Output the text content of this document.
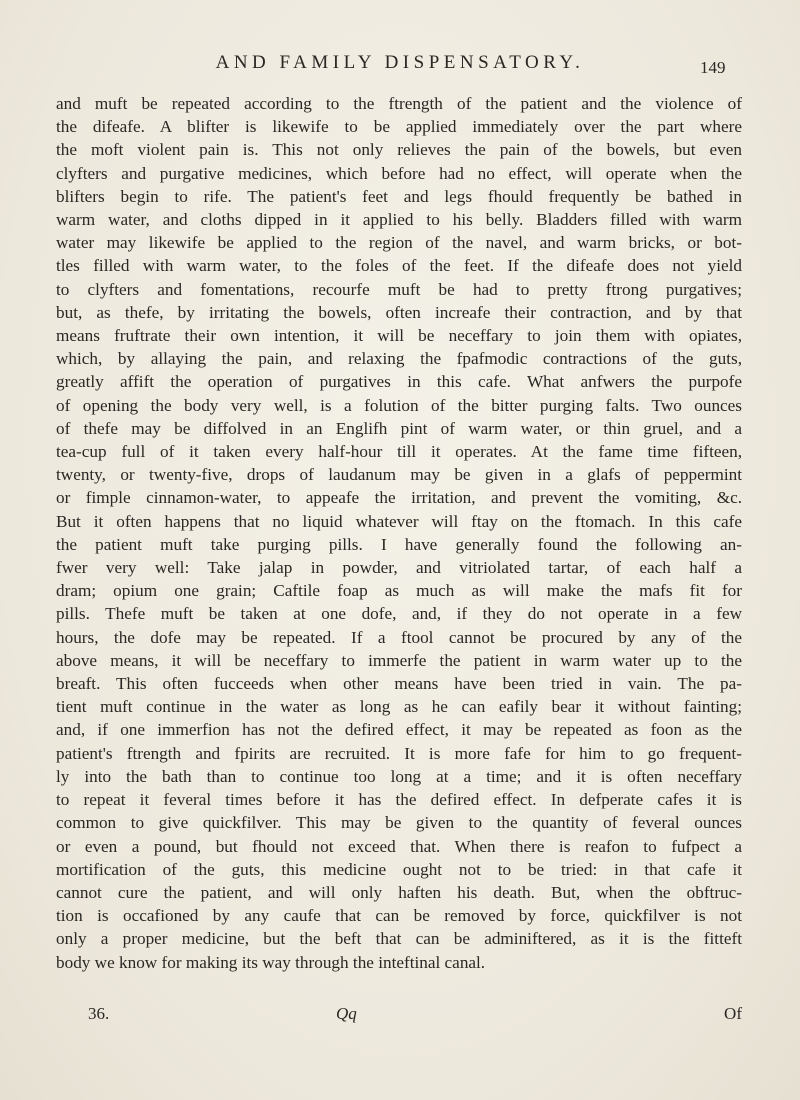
AND FAMILY DISPENSATORY.	149
and muft be repeated according to the ftrength of the patient and the violence of
the difeafe. A blifter is likewife to be applied immediately over the part where
the moft violent pain is. This not only relieves the pain of the bowels, but even
clyfters and purgative medicines, which before had no effect, will operate when the
blifters begin to rife. The patient's feet and legs fhould frequently be bathed in
warm water, and cloths dipped in it applied to his belly. Bladders filled with warm
water may likewife be applied to the region of the navel, and warm bricks, or bot-
tles filled with warm water, to the foles of the feet. If the difeafe does not yield
to clyfters and fomentations, recourfe muft be had to pretty ftrong purgatives;
but, as thefe, by irritating the bowels, often increafe their contraction, and by that
means fruftrate their own intention, it will be neceffary to join them with opiates,
which, by allaying the pain, and relaxing the fpafmodic contractions of the guts,
greatly affift the operation of purgatives in this cafe. What anfwers the purpofe
of opening the body very well, is a folution of the bitter purging falts. Two ounces
of thefe may be diffolved in an Englifh pint of warm water, or thin gruel, and a
tea-cup full of it taken every half-hour till it operates. At the fame time fifteen,
twenty, or twenty-five, drops of laudanum may be given in a glafs of peppermint
or fimple cinnamon-water, to appeafe the irritation, and prevent the vomiting, &c.
But it often happens that no liquid whatever will ftay on the ftomach. In this cafe
the patient muft take purging pills. I have generally found the following an-
fwer very well: Take jalap in powder, and vitriolated tartar, of each half a
dram; opium one grain; Caftile foap as much as will make the mafs fit for
pills. Thefe muft be taken at one dofe, and, if they do not operate in a few
hours, the dofe may be repeated. If a ftool cannot be procured by any of the
above means, it will be neceffary to immerfe the patient in warm water up to the
breaft. This often fucceeds when other means have been tried in vain. The pa-
tient muft continue in the water as long as he can eafily bear it without fainting;
and, if one immerfion has not the defired effect, it may be repeated as foon as the
patient's ftrength and fpirits are recruited. It is more fafe for him to go frequent-
ly into the bath than to continue too long at a time; and it is often neceffary
to repeat it feveral times before it has the defired effect. In defperate cafes it is
common to give quickfilver. This may be given to the quantity of feveral ounces
or even a pound, but fhould not exceed that. When there is reafon to fufpect a
mortification of the guts, this medicine ought not to be tried: in that cafe it
cannot cure the patient, and will only haften his death. But, when the obftruc-
tion is occafioned by any caufe that can be removed by force, quickfilver is not
only a proper medicine, but the beft that can be adminiftered, as it is the fitteft
body we know for making its way through the inteftinal canal.
36.	Qq	Of
